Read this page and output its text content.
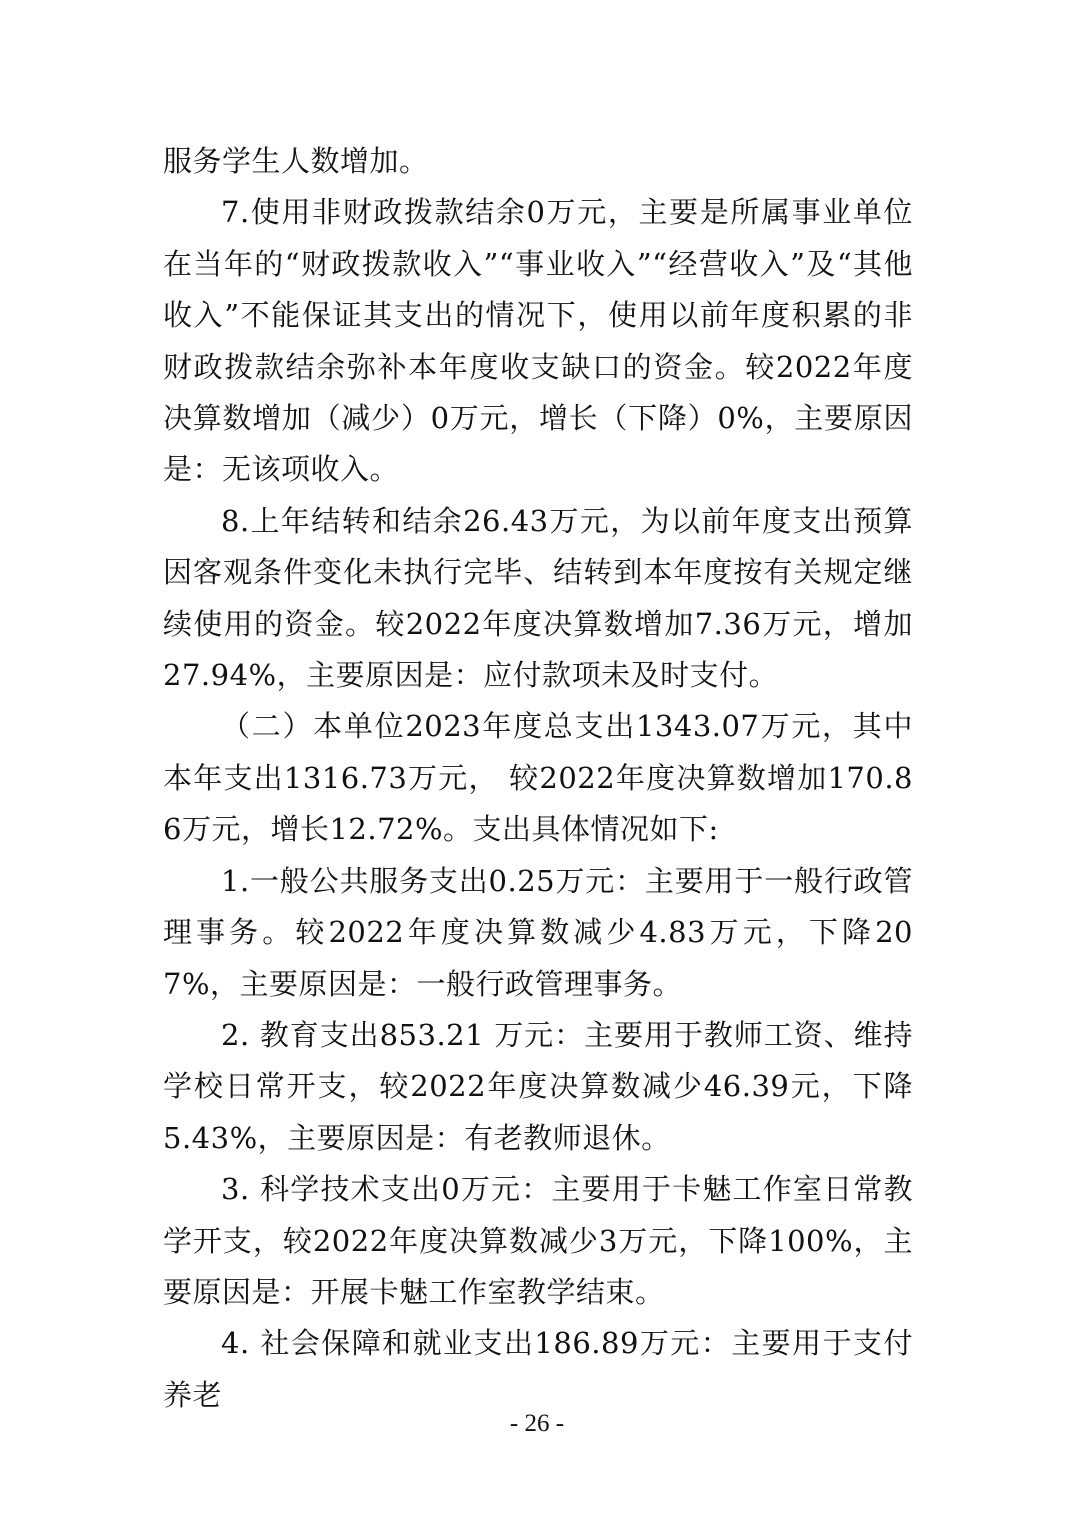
服务学生人数增加。

7.使用非财政拨款结余0万元，主要是所属事业单位在当年的“财政拨款收入”“事业收入”“经营收入”及“其他收入”不能保证其支出的情况下，使用以前年度积累的非财政拨款结余弥补本年度收支缺口的资金。较2022年度决算数增加（减少）0万元，增长（下降）0%，主要原因是：无该项收入。

8.上年结转和结余26.43万元，为以前年度支出预算因客观条件变化未执行完毕、结转到本年度按有关规定继续使用的资金。较2022年度决算数增加7.36万元，增加27.94%，主要原因是：应付款项未及时支付。

（二）本单位2023年度总支出1343.07万元，其中本年支出1316.73万元， 较2022年度决算数增加170.86万元，增长12.72%。支出具体情况如下:

1.一般公共服务支出0.25万元：主要用于一般行政管理事务。较2022年度决算数减少4.83万元，下降207%，主要原因是：一般行政管理事务。

2. 教育支出853.21 万元：主要用于教师工资、维持学校日常开支，较2022年度决算数减少46.39元，下降5.43%，主要原因是：有老教师退休。

3. 科学技术支出0万元：主要用于卡魅工作室日常教学开支，较2022年度决算数减少3万元，下降100%，主要原因是：开展卡魅工作室教学结束。

4. 社会保障和就业支出186.89万元：主要用于支付养老

- 26 -
